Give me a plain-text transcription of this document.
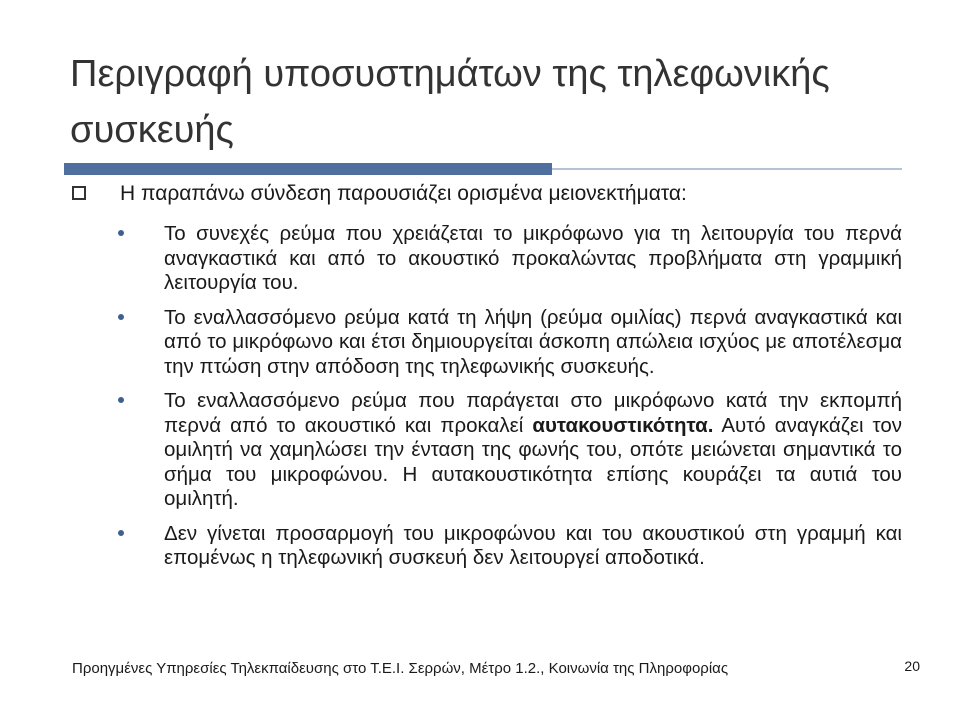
Περιγραφή υποσυστημάτων της τηλεφωνικής συσκευής
Η παραπάνω σύνδεση παρουσιάζει ορισμένα μειονεκτήματα:

Το συνεχές ρεύμα που χρειάζεται το μικρόφωνο για τη λειτουργία του περνά αναγκαστικά και από το ακουστικό προκαλώντας προβλήματα στη γραμμική λειτουργία του.

Το εναλλασσόμενο ρεύμα κατά τη λήψη (ρεύμα ομιλίας) περνά αναγκαστικά και από το μικρόφωνο και έτσι δημιουργείται άσκοπη απώλεια ισχύος με αποτέλεσμα την πτώση στην απόδοση της τηλεφωνικής συσκευής.

Το εναλλασσόμενο ρεύμα που παράγεται στο μικρόφωνο κατά την εκπομπή περνά από το ακουστικό και προκαλεί αυτακουστικότητα. Αυτό αναγκάζει τον ομιλητή να χαμηλώσει την ένταση της φωνής του, οπότε μειώνεται σημαντικά το σήμα του μικροφώνου. Η αυτακουστικότητα επίσης κουράζει τα αυτιά του ομιλητή.

Δεν γίνεται προσαρμογή του μικροφώνου και του ακουστικού στη γραμμή και επομένως η τηλεφωνική συσκευή δεν λειτουργεί αποδοτικά.

Προηγμένες Υπηρεσίες Τηλεκπαίδευσης στο Τ.Ε.Ι. Σερρών, Μέτρο 1.2., Κοινωνία της Πληροφορίας	20
